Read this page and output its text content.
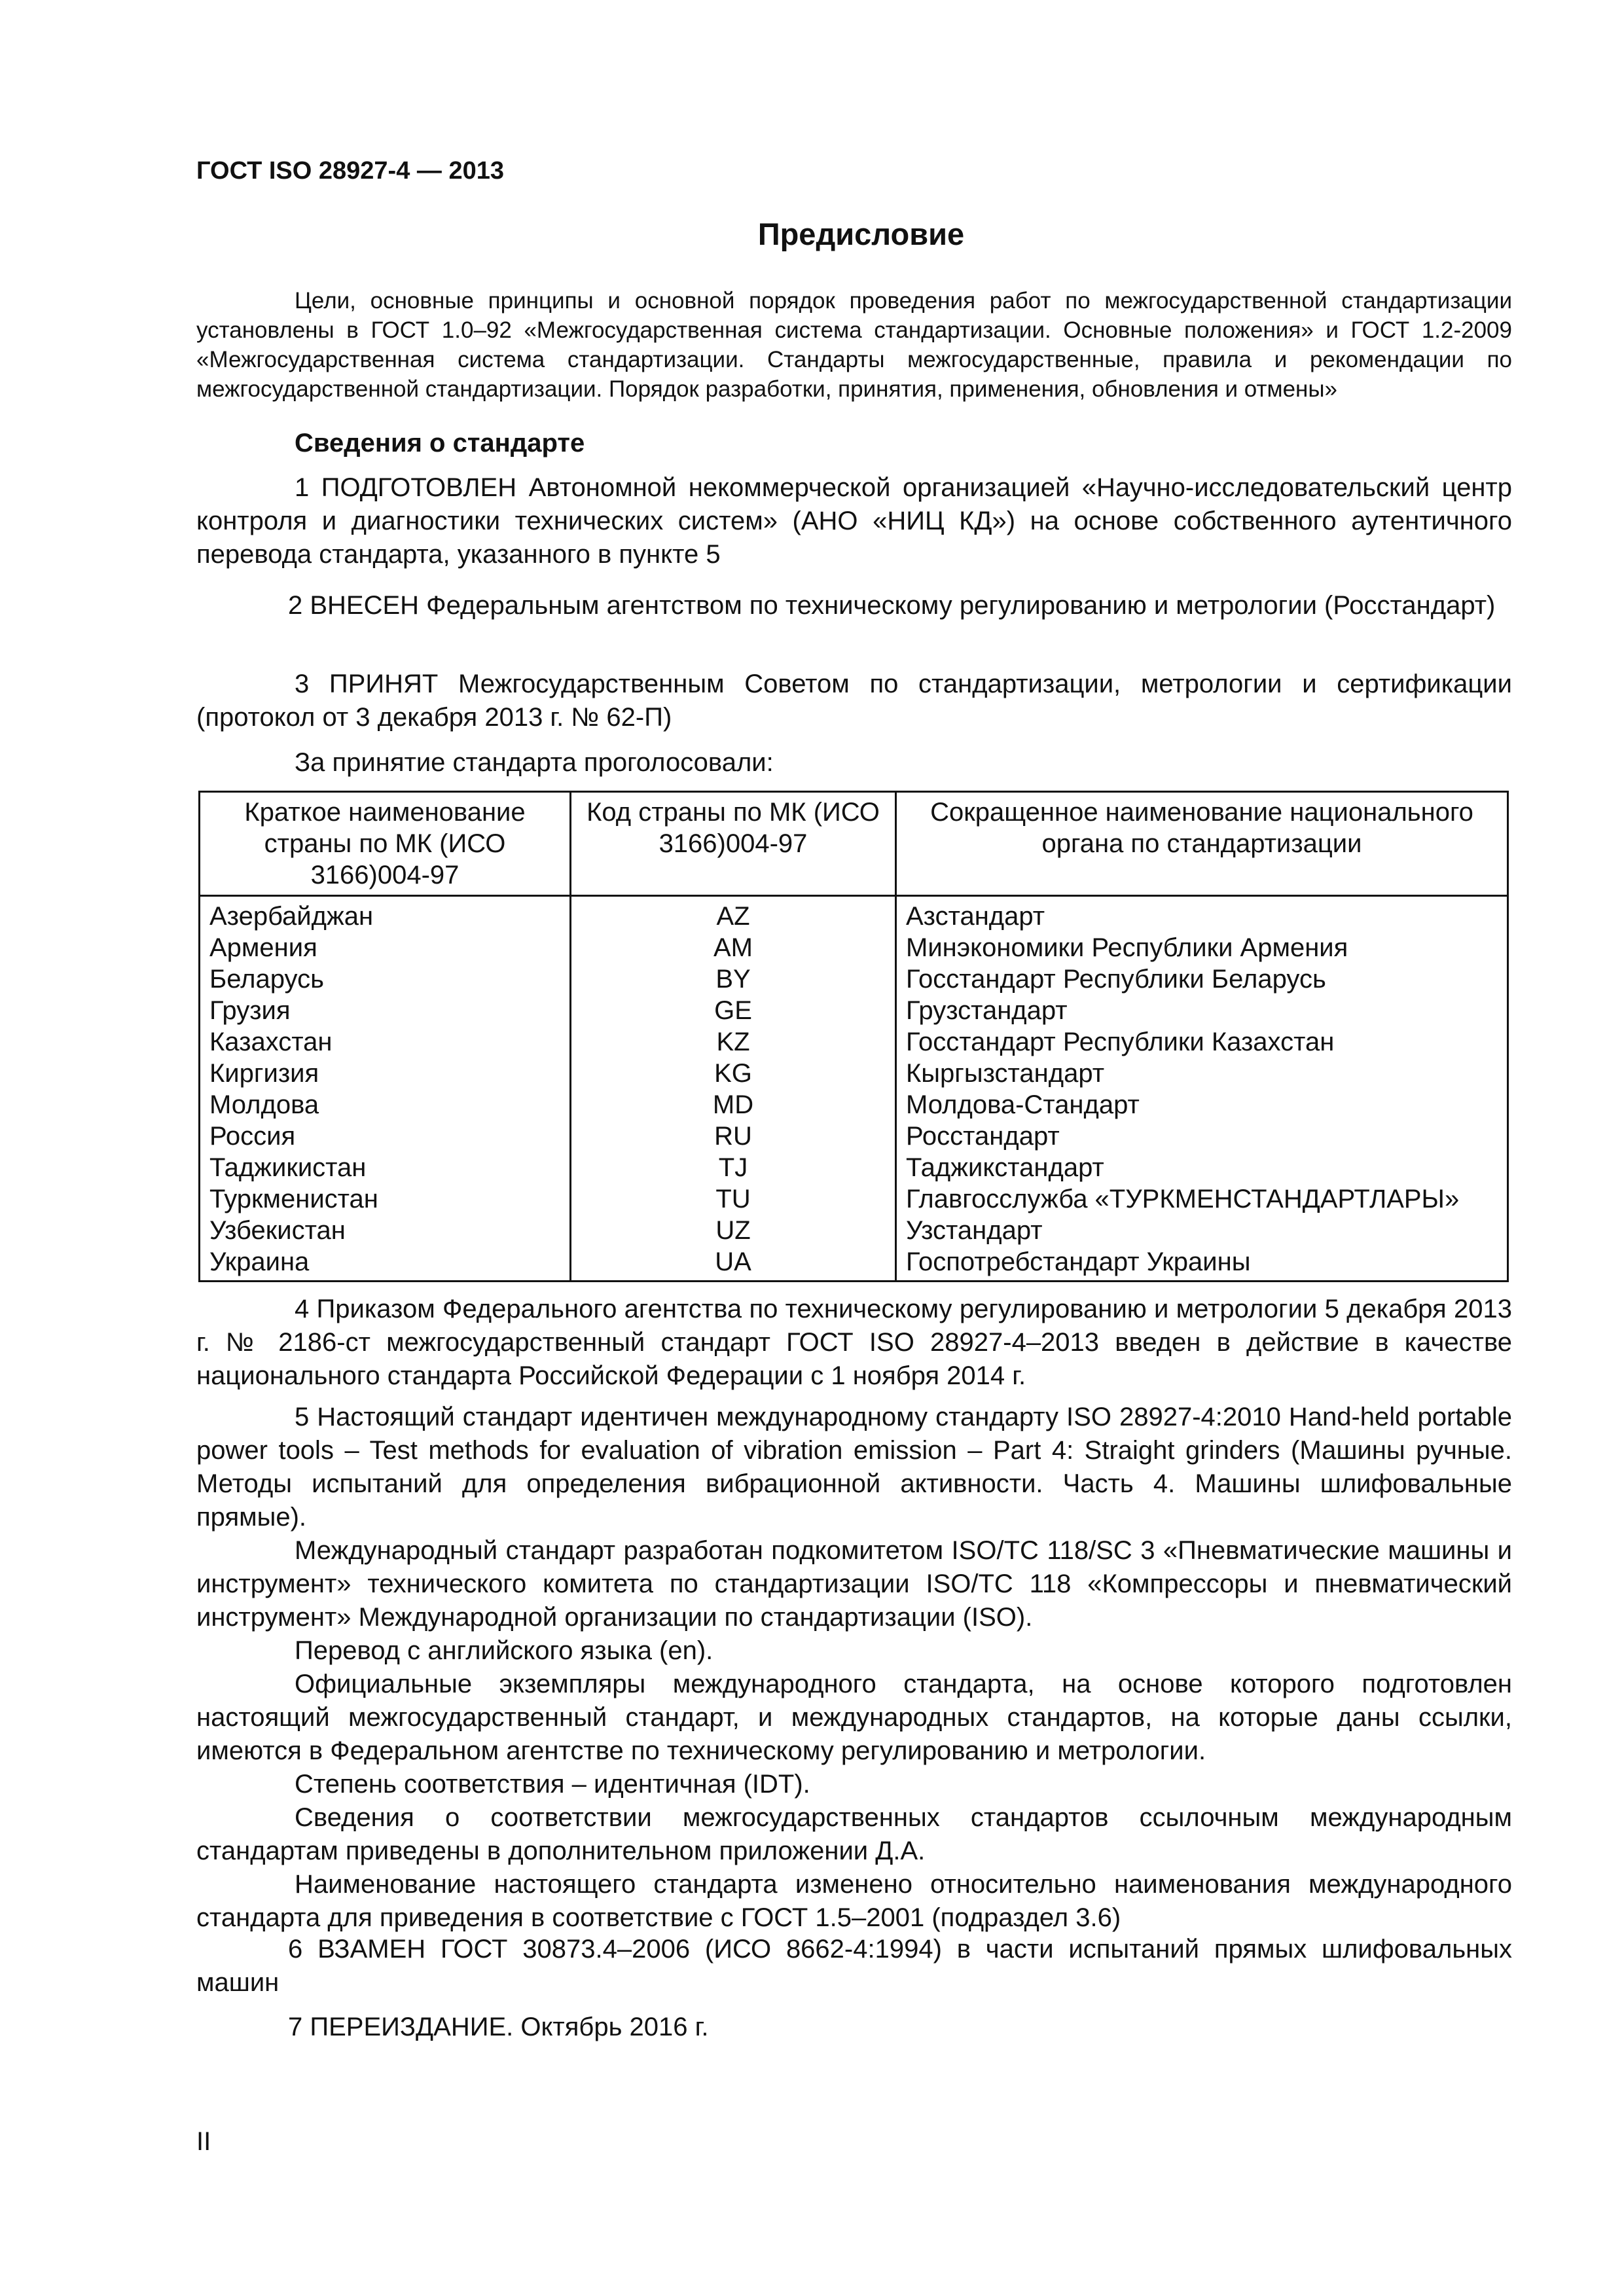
ГОСТ ISO 28927-4 — 2013
Предисловие

Цели, основные принципы и основной порядок проведения работ по межгосударственной стандартизации установлены в ГОСТ 1.0–92 «Межгосударственная система стандартизации. Основные положения» и ГОСТ 1.2-2009 «Межгосударственная система стандартизации. Стандарты межгосударственные, правила и рекомендации по межгосударственной стандартизации. Порядок разработки, принятия, применения, обновления и отмены»

Сведения о стандарте

1 ПОДГОТОВЛЕН Автономной некоммерческой организацией «Научно-исследовательский центр контроля и диагностики технических систем» (АНО «НИЦ КД») на основе собственного аутентичного перевода стандарта, указанного в пункте 5

2 ВНЕСЕН Федеральным агентством по техническому регулированию и метрологии (Росстандарт)

3 ПРИНЯТ Межгосударственным Советом по стандартизации, метрологии и сертификации (протокол от 3 декабря 2013 г. № 62-П)

За принятие стандарта проголосовали:

Краткое наименование страны по МК (ИСО 3166)004-97	Код страны по МК (ИСО 3166)004-97	Сокращенное наименование национального органа по стандартизации
Азербайджан	AZ	Азстандарт
Армения	AM	Минэкономики Республики Армения
Беларусь	BY	Госстандарт Республики Беларусь
Грузия	GE	Грузстандарт
Казахстан	KZ	Госстандарт Республики Казахстан
Киргизия	KG	Кыргызстандарт
Молдова	MD	Молдова-Стандарт
Россия	RU	Росстандарт
Таджикистан	TJ	Таджикстандарт
Туркменистан	TU	Главгосслужба «ТУРКМЕНСТАНДАРТЛАРЫ»
Узбекистан	UZ	Узстандарт
Украина	UA	Госпотребстандарт Украины

4 Приказом Федерального агентства по техническому регулированию и метрологии 5 декабря 2013 г. № 2186-ст межгосударственный стандарт ГОСТ ISO 28927-4–2013 введен в действие в качестве национального стандарта Российской Федерации с 1 ноября 2014 г.

5 Настоящий стандарт идентичен международному стандарту ISO 28927-4:2010 Hand-held portable power tools – Test methods for evaluation of vibration emission – Part 4: Straight grinders (Машины ручные. Методы испытаний для определения вибрационной активности. Часть 4. Машины шлифовальные прямые).

Международный стандарт разработан подкомитетом ISO/TC 118/SC 3 «Пневматические машины и инструмент» технического комитета по стандартизации ISO/TC 118 «Компрессоры и пневматический инструмент» Международной организации по стандартизации (ISO).

Перевод с английского языка (en).

Официальные экземпляры международного стандарта, на основе которого подготовлен настоящий межгосударственный стандарт, и международных стандартов, на которые даны ссылки, имеются в Федеральном агентстве по техническому регулированию и метрологии.

Степень соответствия – идентичная (IDT).

Сведения о соответствии межгосударственных стандартов ссылочным международным стандартам приведены в дополнительном приложении Д.А.

Наименование настоящего стандарта изменено относительно наименования международного стандарта для приведения в соответствие с ГОСТ 1.5–2001 (подраздел 3.6)

6 ВЗАМЕН ГОСТ 30873.4–2006 (ИСО 8662-4:1994) в части испытаний прямых шлифовальных машин

7 ПЕРЕИЗДАНИЕ. Октябрь 2016 г.

II
